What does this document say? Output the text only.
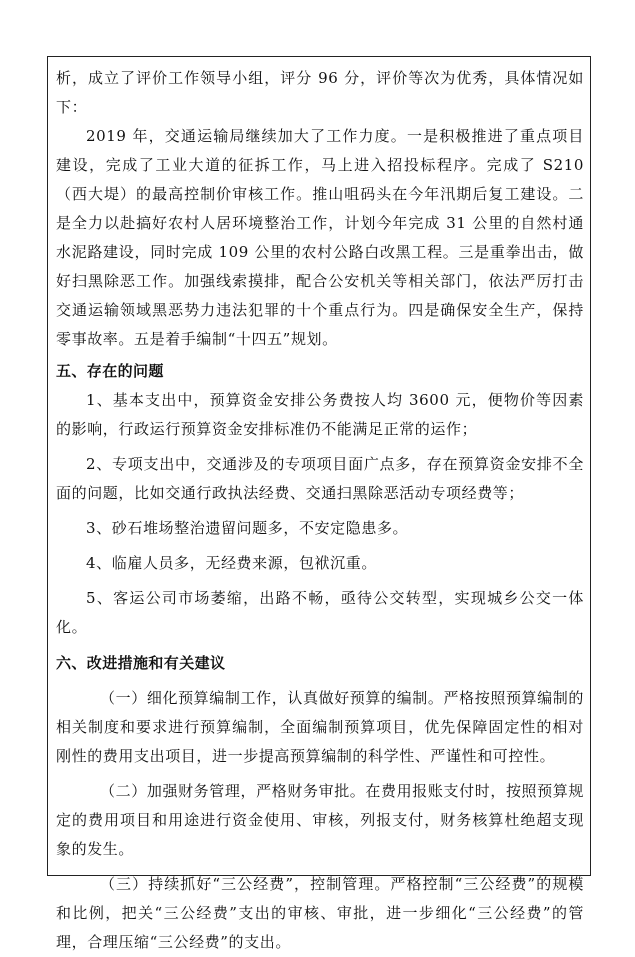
析，成立了评价工作领导小组，评分 96 分，评价等次为优秀，具体情况如下：

2019 年，交通运输局继续加大了工作力度。一是积极推进了重点项目建设，完成了工业大道的征拆工作，马上进入招投标程序。完成了 S210（西大堤）的最高控制价审核工作。推山咀码头在今年汛期后复工建设。二是全力以赴搞好农村人居环境整治工作，计划今年完成 31 公里的自然村通水泥路建设，同时完成 109 公里的农村公路白改黑工程。三是重拳出击，做好扫黑除恶工作。加强线索摸排，配合公安机关等相关部门，依法严厉打击交通运输领域黑恶势力违法犯罪的十个重点行为。四是确保安全生产，保持零事故率。五是着手编制“十四五”规划。

五、存在的问题

1、基本支出中，预算资金安排公务费按人均 3600 元，便物价等因素的影响，行政运行预算资金安排标准仍不能满足正常的运作；

2、专项支出中，交通涉及的专项项目面广点多，存在预算资金安排不全面的问题，比如交通行政执法经费、交通扫黑除恶活动专项经费等；

3、砂石堆场整治遗留问题多，不安定隐患多。

4、临雇人员多，无经费来源，包袱沉重。

5、客运公司市场萎缩，出路不畅，亟待公交转型，实现城乡公交一体化。

六、改进措施和有关建议

（一）细化预算编制工作，认真做好预算的编制。严格按照预算编制的相关制度和要求进行预算编制，全面编制预算项目，优先保障固定性的相对刚性的费用支出项目，进一步提高预算编制的科学性、严谨性和可控性。

（二）加强财务管理，严格财务审批。在费用报账支付时，按照预算规定的费用项目和用途进行资金使用、审核，列报支付，财务核算杜绝超支现象的发生。

（三）持续抓好“三公经费”，控制管理。严格控制“三公经费”的规模和比例，把关“三公经费”支出的审核、审批，进一步细化“三公经费”的管理，合理压缩“三公经费”的支出。
